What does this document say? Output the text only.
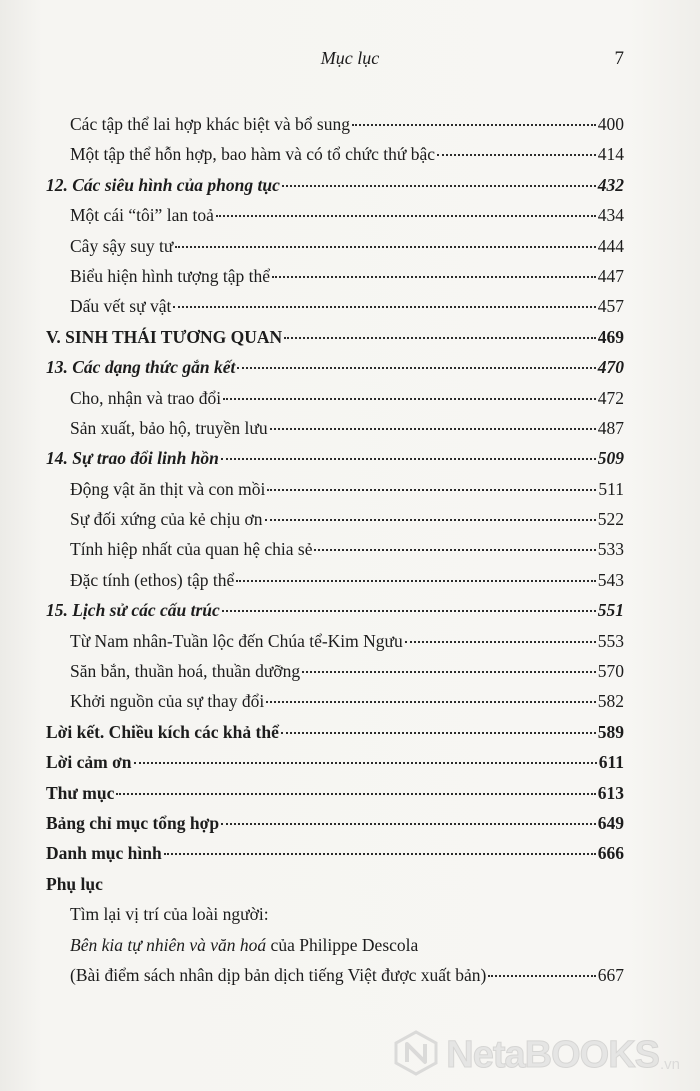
Mục lục	7
Các tập thể lai hợp khác biệt và bổ sung	400
Một tập thể hỗn hợp, bao hàm và có tổ chức thứ bậc	414
12. Các siêu hình của phong tục	432
Một cái “tôi” lan toả	434
Cây sậy suy tư	444
Biểu hiện hình tượng tập thể	447
Dấu vết sự vật	457
V. SINH THÁI TƯƠNG QUAN	469
13. Các dạng thức gắn kết	470
Cho, nhận và trao đổi	472
Sản xuất, bảo hộ, truyền lưu	487
14. Sự trao đổi linh hồn	509
Động vật ăn thịt và con mồi	511
Sự đối xứng của kẻ chịu ơn	522
Tính hiệp nhất của quan hệ chia sẻ	533
Đặc tính (ethos) tập thể	543
15. Lịch sử các cấu trúc	551
Từ Nam nhân-Tuần lộc đến Chúa tể-Kim Ngưu	553
Săn bắn, thuần hoá, thuần dưỡng	570
Khởi nguồn của sự thay đổi	582
Lời kết. Chiều kích các khả thể	589
Lời cảm ơn	611
Thư mục	613
Bảng chỉ mục tổng hợp	649
Danh mục hình	666
Phụ lục
Tìm lại vị trí của loài người:
Bên kia tự nhiên và văn hoá của Philippe Descola
(Bài điểm sách nhân dịp bản dịch tiếng Việt được xuất bản)	667
NetaBOOKS .vn
